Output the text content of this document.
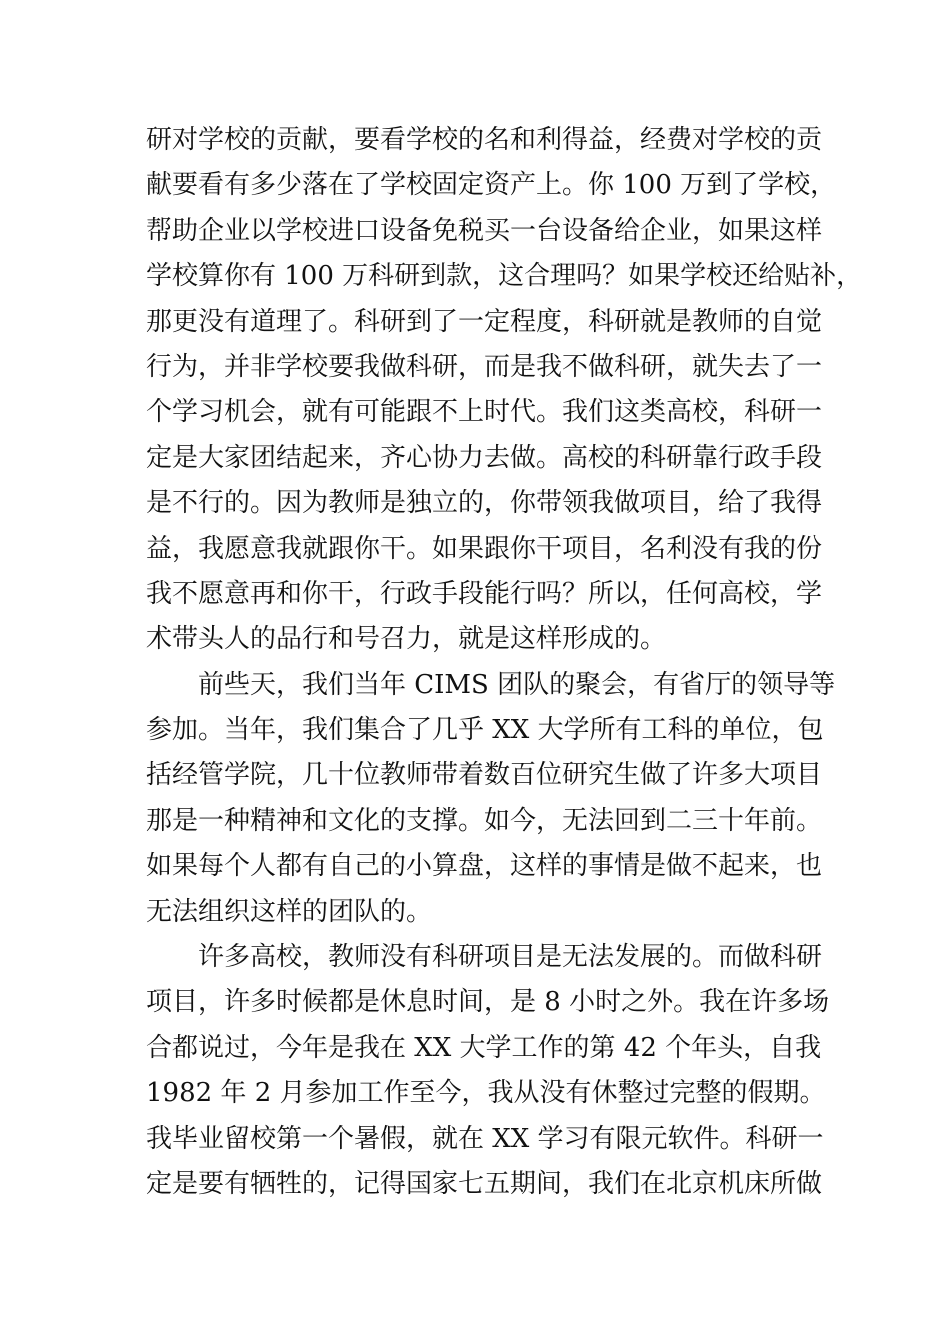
研对学校的贡献，要看学校的名和利得益，经费对学校的贡
献要看有多少落在了学校固定资产上。你 100 万到了学校，
帮助企业以学校进口设备免税买一台设备给企业，如果这样
学校算你有 100 万科研到款，这合理吗？如果学校还给贴补，
那更没有道理了。科研到了一定程度，科研就是教师的自觉
行为，并非学校要我做科研，而是我不做科研，就失去了一
个学习机会，就有可能跟不上时代。我们这类高校，科研一
定是大家团结起来，齐心协力去做。高校的科研靠行政手段
是不行的。因为教师是独立的，你带领我做项目，给了我得
益，我愿意我就跟你干。如果跟你干项目，名利没有我的份
我不愿意再和你干，行政手段能行吗？所以，任何高校，学
术带头人的品行和号召力，就是这样形成的。
前些天，我们当年 CIMS 团队的聚会，有省厅的领导等
参加。当年，我们集合了几乎 XX 大学所有工科的单位，包
括经管学院，几十位教师带着数百位研究生做了许多大项目
那是一种精神和文化的支撑。如今，无法回到二三十年前。
如果每个人都有自己的小算盘，这样的事情是做不起来，也
无法组织这样的团队的。
许多高校，教师没有科研项目是无法发展的。而做科研
项目，许多时候都是休息时间，是 8 小时之外。我在许多场
合都说过，今年是我在 XX 大学工作的第 42 个年头，自我
1982 年 2 月参加工作至今，我从没有休整过完整的假期。
我毕业留校第一个暑假，就在 XX 学习有限元软件。科研一
定是要有牺牲的，记得国家七五期间，我们在北京机床所做
